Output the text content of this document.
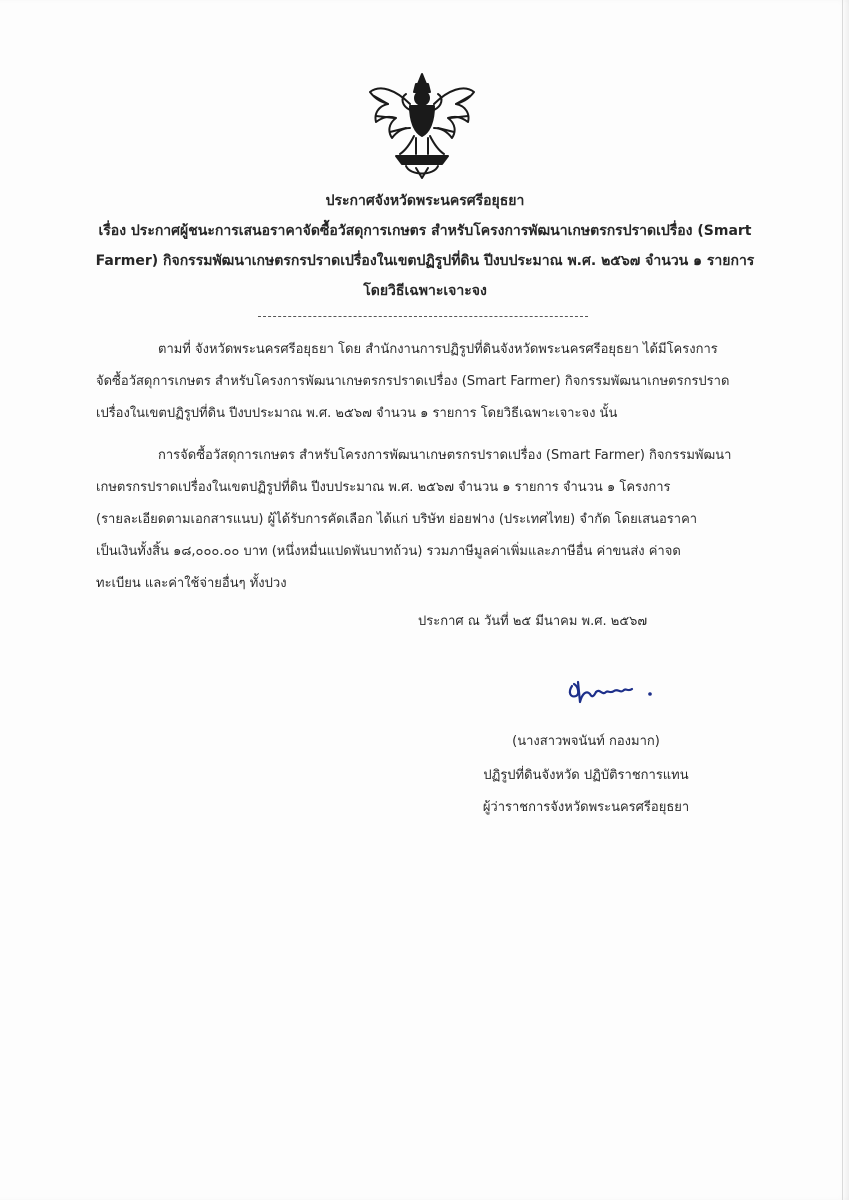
ประกาศจังหวัดพระนครศรีอยุธยา
เรื่อง ประกาศผู้ชนะการเสนอราคาจัดซื้อวัสดุการเกษตร สำหรับโครงการพัฒนาเกษตรกรปราดเปรื่อง (Smart
Farmer) กิจกรรมพัฒนาเกษตรกรปราดเปรื่องในเขตปฏิรูปที่ดิน ปีงบประมาณ พ.ศ. ๒๕๖๗ จำนวน ๑ รายการ
โดยวิธีเฉพาะเจาะจง
ตามที่ จังหวัดพระนครศรีอยุธยา โดย สำนักงานการปฏิรูปที่ดินจังหวัดพระนครศรีอยุธยา ได้มีโครงการ
จัดซื้อวัสดุการเกษตร สำหรับโครงการพัฒนาเกษตรกรปราดเปรื่อง (Smart Farmer) กิจกรรมพัฒนาเกษตรกรปราด
เปรื่องในเขตปฏิรูปที่ดิน ปีงบประมาณ พ.ศ. ๒๕๖๗ จำนวน ๑ รายการ โดยวิธีเฉพาะเจาะจง นั้น
การจัดซื้อวัสดุการเกษตร สำหรับโครงการพัฒนาเกษตรกรปราดเปรื่อง (Smart Farmer) กิจกรรมพัฒนา
เกษตรกรปราดเปรื่องในเขตปฏิรูปที่ดิน ปีงบประมาณ พ.ศ. ๒๕๖๗ จำนวน ๑ รายการ จำนวน ๑ โครงการ
(รายละเอียดตามเอกสารแนบ) ผู้ได้รับการคัดเลือก ได้แก่ บริษัท ย่อยฟาง (ประเทศไทย) จำกัด โดยเสนอราคา
เป็นเงินทั้งสิ้น ๑๘,๐๐๐.๐๐ บาท (หนึ่งหมื่นแปดพันบาทถ้วน) รวมภาษีมูลค่าเพิ่มและภาษีอื่น ค่าขนส่ง ค่าจด
ทะเบียน และค่าใช้จ่ายอื่นๆ ทั้งปวง
ประกาศ ณ วันที่ ๒๕ มีนาคม พ.ศ. ๒๕๖๗
(นางสาวพจนันท์ กองมาก)
ปฏิรูปที่ดินจังหวัด ปฏิบัติราชการแทน
ผู้ว่าราชการจังหวัดพระนครศรีอยุธยา
